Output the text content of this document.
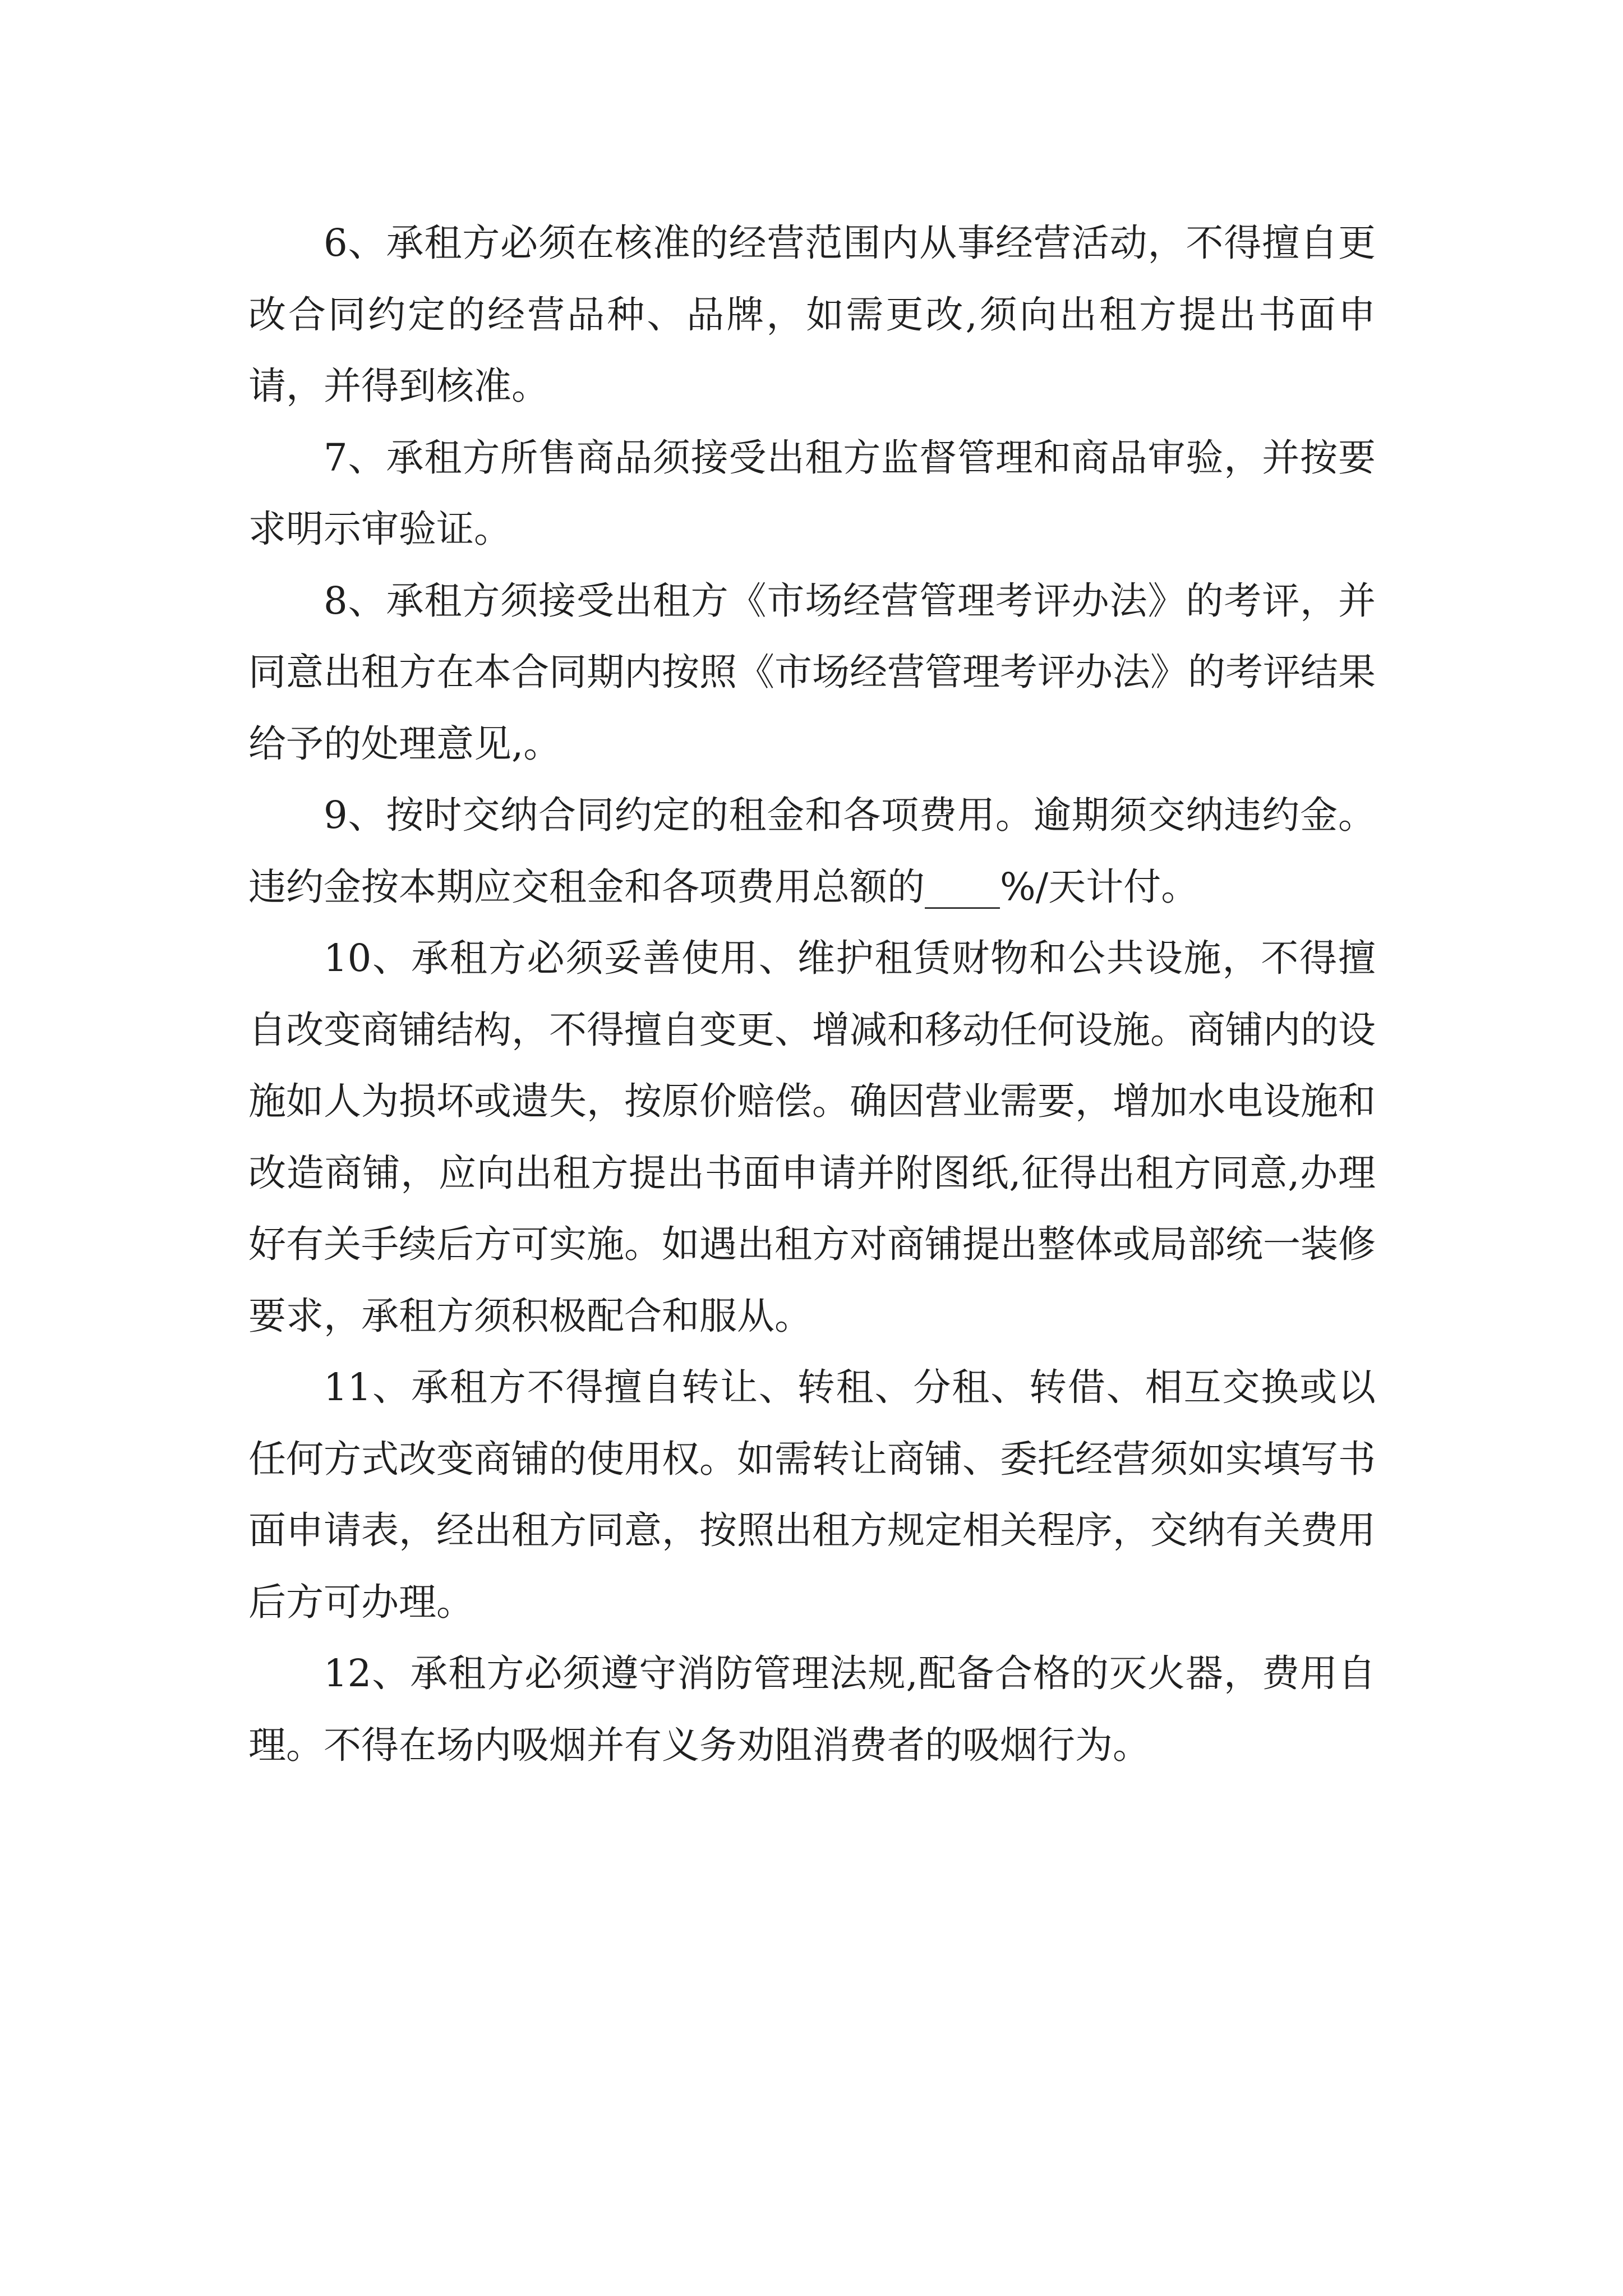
6、承租方必须在核准的经营范围内从事经营活动，不得擅自更改合同约定的经营品种、品牌，如需更改,须向出租方提出书面申请，并得到核准。

7、承租方所售商品须接受出租方监督管理和商品审验，并按要求明示审验证。

8、承租方须接受出租方《市场经营管理考评办法》的考评，并同意出租方在本合同期内按照《市场经营管理考评办法》的考评结果给予的处理意见,。

9、按时交纳合同约定的租金和各项费用。逾期须交纳违约金。违约金按本期应交租金和各项费用总额的____%/天计付。

10、承租方必须妥善使用、维护租赁财物和公共设施，不得擅自改变商铺结构，不得擅自变更、增减和移动任何设施。商铺内的设施如人为损坏或遗失，按原价赔偿。确因营业需要，增加水电设施和改造商铺，应向出租方提出书面申请并附图纸,征得出租方同意,办理好有关手续后方可实施。如遇出租方对商铺提出整体或局部统一装修要求，承租方须积极配合和服从。

11、承租方不得擅自转让、转租、分租、转借、相互交换或以任何方式改变商铺的使用权。如需转让商铺、委托经营须如实填写书面申请表，经出租方同意，按照出租方规定相关程序，交纳有关费用后方可办理。

12、承租方必须遵守消防管理法规,配备合格的灭火器，费用自理。不得在场内吸烟并有义务劝阻消费者的吸烟行为。
